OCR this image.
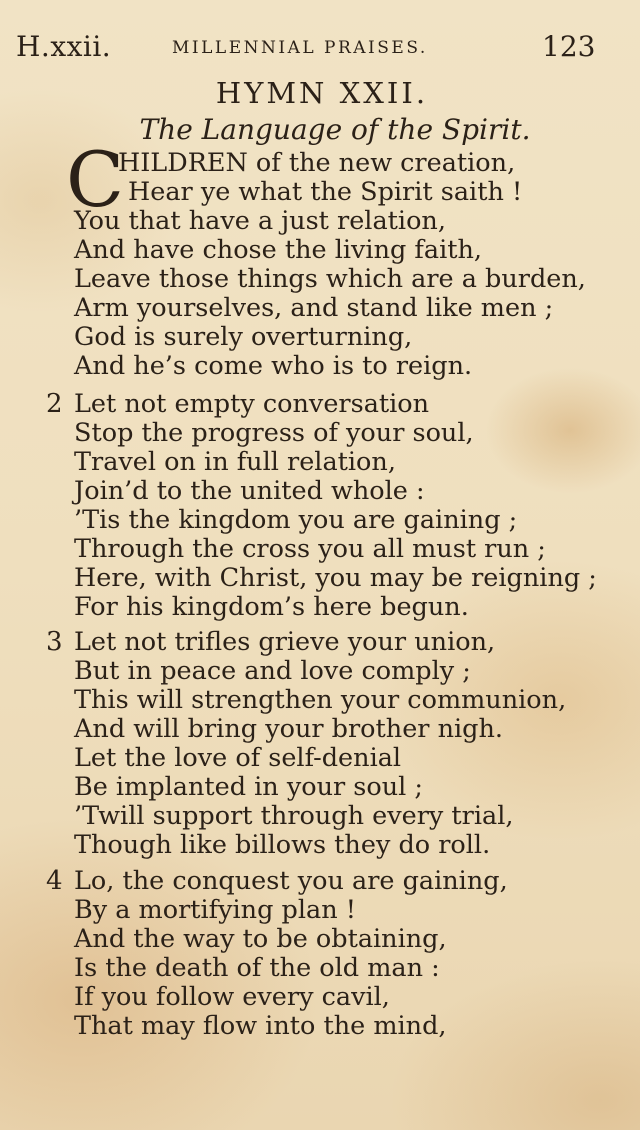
H.xxii.	MILLENNIAL PRAISES.	123
HYMN XXII.
The Language of the Spirit.
C
HILDREN of the new creation,
Hear ye what the Spirit saith !
You that have a just relation,
And have chose the living faith,
Leave those things which are a burden,
Arm yourselves, and stand like men ;
God is surely overturning,
And he’s come who is to reign.
2 Let not empty conversation
Stop the progress of your soul,
Travel on in full relation,
Join’d to the united whole :
’Tis the kingdom you are gaining ;
Through the cross you all must run ;
Here, with Christ, you may be reigning ;
For his kingdom’s here begun.
3 Let not trifles grieve your union,
But in peace and love comply ;
This will strengthen your communion,
And will bring your brother nigh.
Let the love of self-denial
Be implanted in your soul ;
’Twill support through every trial,
Though like billows they do roll.
4 Lo, the conquest you are gaining,
By a mortifying plan !
And the way to be obtaining,
Is the death of the old man :
If you follow every cavil,
That may flow into the mind,
